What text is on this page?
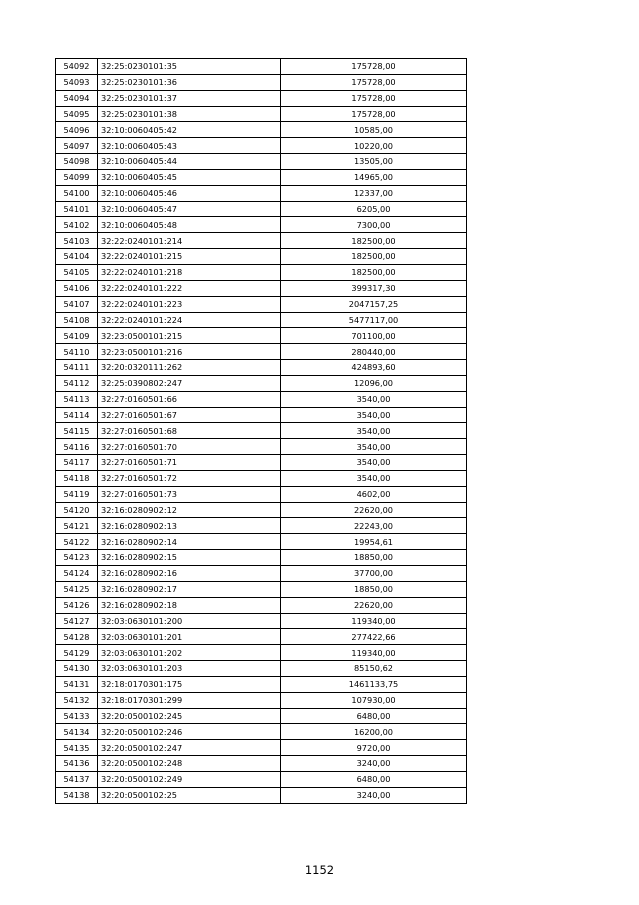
54092	32:25:0230101:35	175728,00
54093	32:25:0230101:36	175728,00
54094	32:25:0230101:37	175728,00
54095	32:25:0230101:38	175728,00
54096	32:10:0060405:42	10585,00
54097	32:10:0060405:43	10220,00
54098	32:10:0060405:44	13505,00
54099	32:10:0060405:45	14965,00
54100	32:10:0060405:46	12337,00
54101	32:10:0060405:47	6205,00
54102	32:10:0060405:48	7300,00
54103	32:22:0240101:214	182500,00
54104	32:22:0240101:215	182500,00
54105	32:22:0240101:218	182500,00
54106	32:22:0240101:222	399317,30
54107	32:22:0240101:223	2047157,25
54108	32:22:0240101:224	5477117,00
54109	32:23:0500101:215	701100,00
54110	32:23:0500101:216	280440,00
54111	32:20:0320111:262	424893,60
54112	32:25:0390802:247	12096,00
54113	32:27:0160501:66	3540,00
54114	32:27:0160501:67	3540,00
54115	32:27:0160501:68	3540,00
54116	32:27:0160501:70	3540,00
54117	32:27:0160501:71	3540,00
54118	32:27:0160501:72	3540,00
54119	32:27:0160501:73	4602,00
54120	32:16:0280902:12	22620,00
54121	32:16:0280902:13	22243,00
54122	32:16:0280902:14	19954,61
54123	32:16:0280902:15	18850,00
54124	32:16:0280902:16	37700,00
54125	32:16:0280902:17	18850,00
54126	32:16:0280902:18	22620,00
54127	32:03:0630101:200	119340,00
54128	32:03:0630101:201	277422,66
54129	32:03:0630101:202	119340,00
54130	32:03:0630101:203	85150,62
54131	32:18:0170301:175	1461133,75
54132	32:18:0170301:299	107930,00
54133	32:20:0500102:245	6480,00
54134	32:20:0500102:246	16200,00
54135	32:20:0500102:247	9720,00
54136	32:20:0500102:248	3240,00
54137	32:20:0500102:249	6480,00
54138	32:20:0500102:25	3240,00
1152
